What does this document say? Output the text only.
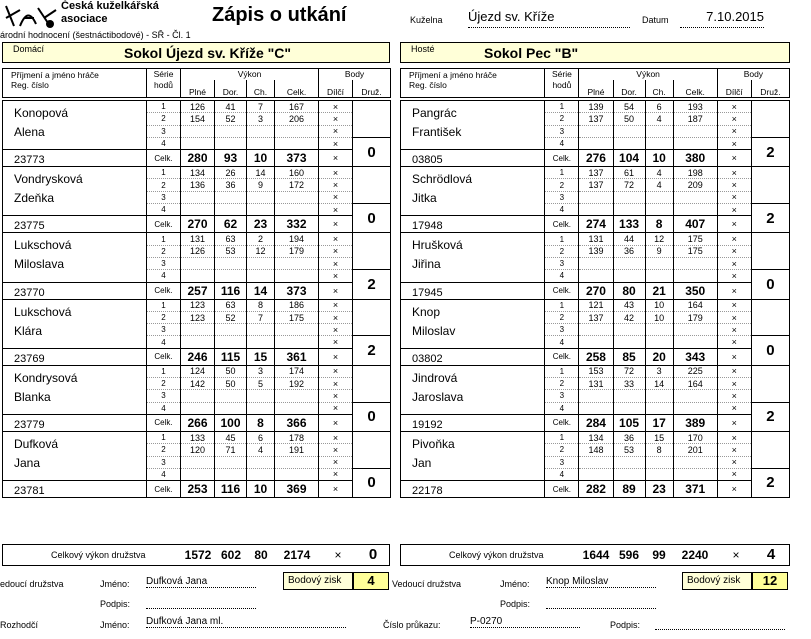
Česká kuželkářská
asociace
árodní hodnocení (šestnáctibodové) - SŘ - Čl. 1
Zápis o utkání	Kuželna Újezd sv. Kříže	Datum	7.10.2015
Domácí	Sokol Újezd sv. Kříže "C"	Hosté	Sokol Pec "B"
Příjmení a jméno hráče	Série	Výkon				Body	
Reg. číslo	hodů	Plné	Dor.	Ch.	Celk.	Dílčí	Druž.

Konopová	1	126	41	7	167	×	
	2	154	52	3	206	×	
Alena	3					×	
	4					×	0
23773	Celk.	280	93	10	373	×	
Vondrysková	1	134	26	14	160	×	
	2	136	36	9	172	×	
Zdeňka	3					×	
	4					×	0
23775	Celk.	270	62	23	332	×	
Lukschová	1	131	63	2	194	×	
	2	126	53	12	179	×	
Miloslava	3					×	
	4					×	2
23770	Celk.	257	116	14	373	×	
Lukschová	1	123	63	8	186	×	
	2	123	52	7	175	×	
Klára	3					×	
	4					×	2
23769	Celk.	246	115	15	361	×	
Kondrysová	1	124	50	3	174	×	
	2	142	50	5	192	×	
Blanka	3					×	
	4					×	0
23779	Celk.	266	100	8	366	×	
Dufková	1	133	45	6	178	×	
	2	120	71	4	191	×	
Jana	3					×	
	4					×	0
23781	Celk.	253	116	10	369	×	
Příjmení a jméno hráče	Série	Výkon				Body	
Reg. číslo	hodů	Plné	Dor.	Ch.	Celk.	Dílčí	Druž.

Pangrác	1	139	54	6	193	×	
	2	137	50	4	187	×	
František	3					×	
	4					×	2
03805	Celk.	276	104	10	380	×	
Schrödlová	1	137	61	4	198	×	
	2	137	72	4	209	×	
Jitka	3					×	
	4					×	2
17948	Celk.	274	133	8	407	×	
Hrušková	1	131	44	12	175	×	
	2	139	36	9	175	×	
Jiřina	3					×	
	4					×	0
17945	Celk.	270	80	21	350	×	
Knop	1	121	43	10	164	×	
	2	137	42	10	179	×	
Miloslav	3					×	
	4					×	0
03802	Celk.	258	85	20	343	×	
Jindrová	1	153	72	3	225	×	
	2	131	33	14	164	×	
Jaroslava	3					×	
	4					×	2
19192	Celk.	284	105	17	389	×	
Pivoňka	1	134	36	15	170	×	
	2	148	53	8	201	×	
Jan	3					×	
	4					×	2
22178	Celk.	282	89	23	371	×	
Celkový výkon družstva	1572 602	80	2174	×	0	Celkový výkon družstva	1644 596	99	2240	×	4
edoucí družstva	Jméno: Dufková Jana
Podpis:
Bodový zisk	4	Vedoucí družstva	Jméno: Knop Miloslav
Podpis:
Bodový zisk	12
Rozhodčí	Jméno: Dufková Jana ml.	Číslo průkazu:	P-0270	Podpis:
